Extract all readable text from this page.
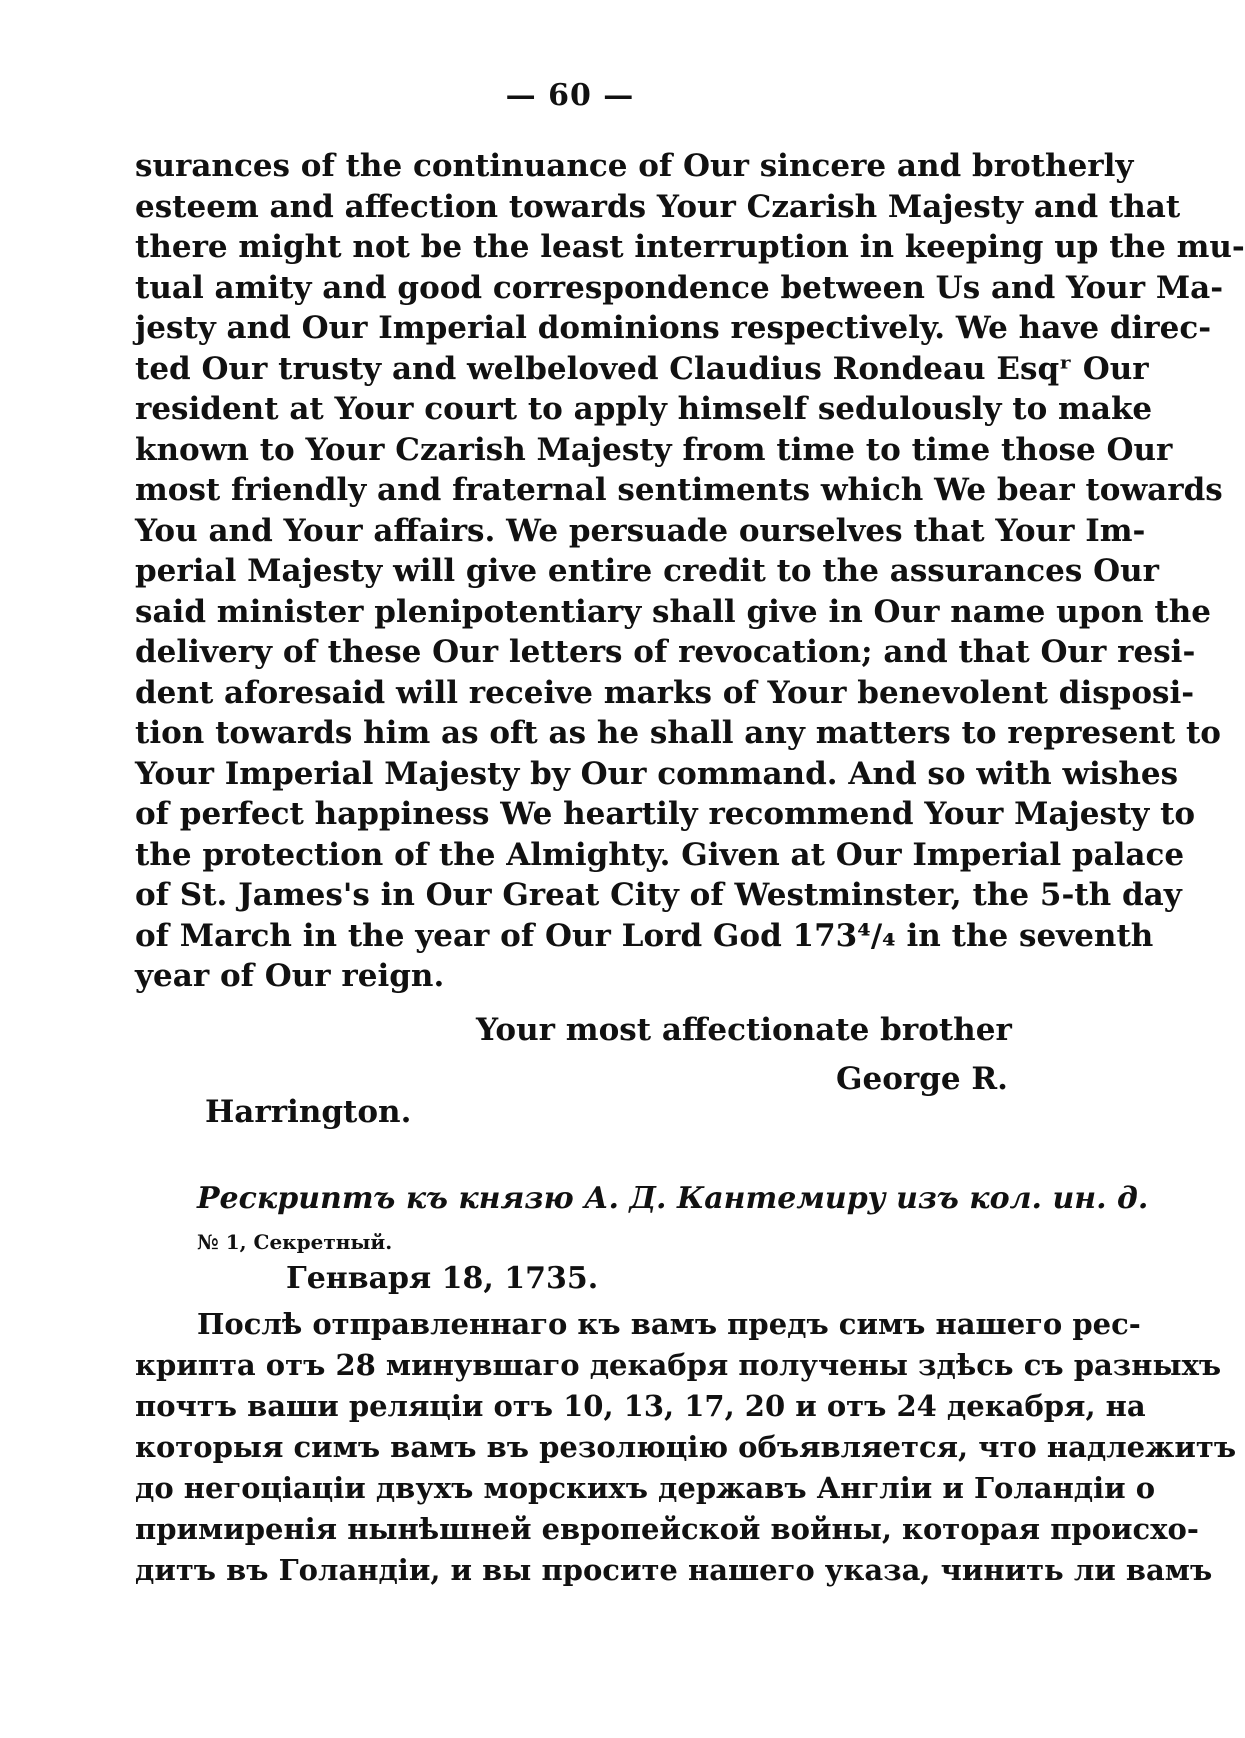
— 60 —
surances of the continuance of Our sincere and brotherly
esteem and affection towards Your Czarish Majesty and that
there might not be the least interruption in keeping up the mu-
tual amity and good correspondence between Us and Your Ma-
jesty and Our Imperial dominions respectively. We have direc-
ted Our trusty and welbeloved Claudius Rondeau Esqʳ Our
resident at Your court to apply himself sedulously to make
known to Your Czarish Majesty from time to time those Our
most friendly and fraternal sentiments which We bear towards
You and Your affairs. We persuade ourselves that Your Im-
perial Majesty will give entire credit to the assurances Our
said minister plenipotentiary shall give in Our name upon the
delivery of these Our letters of revocation; and that Our resi-
dent aforesaid will receive marks of Your benevolent disposi-
tion towards him as oft as he shall any matters to represent to
Your Imperial Majesty by Our command. And so with wishes
of perfect happiness We heartily recommend Your Majesty to
the protection of the Almighty. Given at Our Imperial palace
of St. James's in Our Great City of Westminster, the 5-th day
of March in the year of Our Lord God 173⁴/₄ in the seventh
year of Our reign.
Your most affectionate brother
George R.
Harrington.
Рескриптъ къ князю А. Д. Кантемиру изъ кол. ин. д.
№ 1, Секретный.
Генваря 18, 1735.
Послѣ отправленнаго къ вамъ предъ симъ нашего рес-
крипта отъ 28 минувшаго декабря получены здѣсь съ разныхъ
почтъ ваши реляціи отъ 10, 13, 17, 20 и отъ 24 декабря, на
которыя симъ вамъ въ резолюцію объявляется, что надлежитъ
до негоціаціи двухъ морскихъ державъ Англіи и Голандіи о
примиренія нынѣшней европейской войны, которая происхо-
дитъ въ Голандіи, и вы просите нашего указа, чинить ли вамъ
